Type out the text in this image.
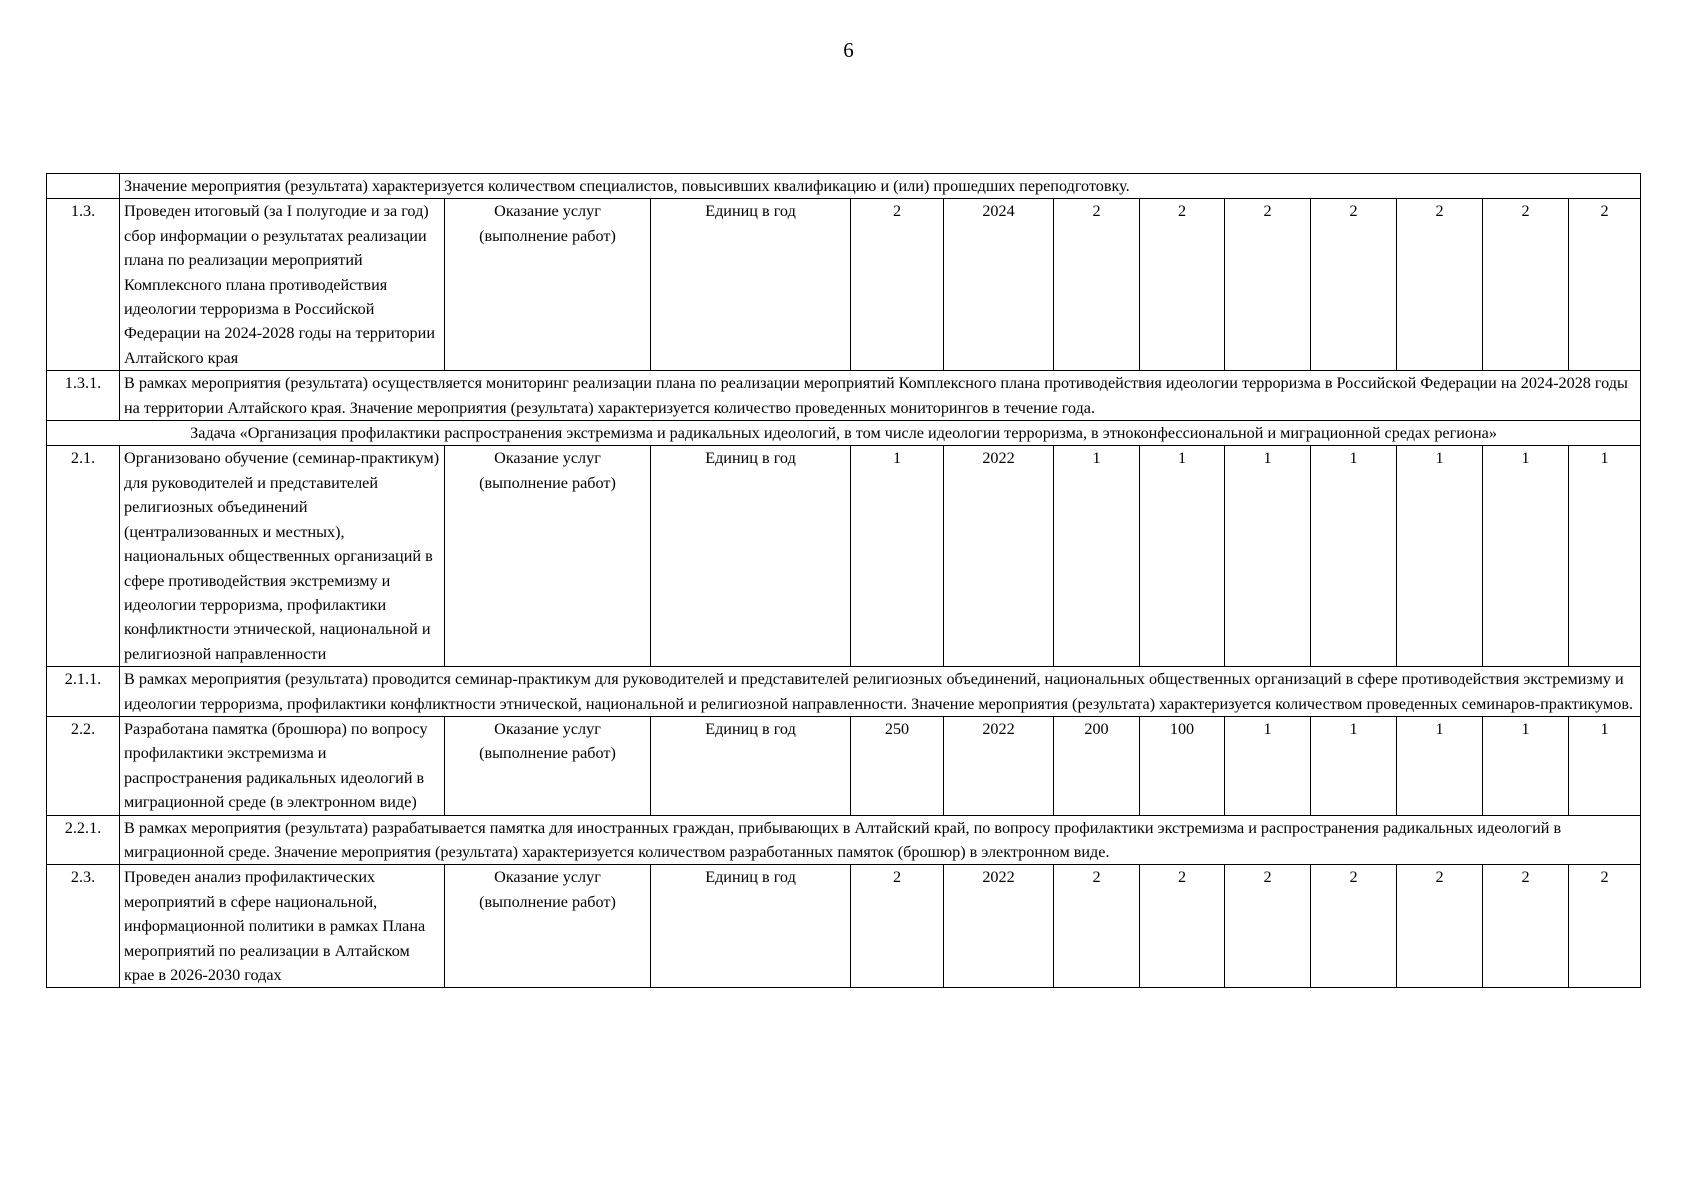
6
	Значение мероприятия (результата) характеризуется количеством специалистов, повысивших квалификацию и (или) прошедших переподготовку.											
1.3.	Проведен итоговый (за I полугодие и за год) сбор информации о результатах реализации плана по реализации мероприятий Комплексного плана противодействия идеологии терроризма в Российской Федерации на 2024-2028 годы на территории Алтайского края	Оказание услуг (выполнение работ)	Единиц в год	2	2024	2	2	2	2	2	2	2
1.3.1.	В рамках мероприятия (результата) осуществляется мониторинг реализации плана по реализации мероприятий Комплексного плана противодействия идеологии терроризма в Российской Федерации на 2024-2028 годы на территории Алтайского края. Значение мероприятия (результата) характеризуется количество проведенных мониторингов в течение года.											
Задача «Организация профилактики распространения экстремизма и радикальных идеологий, в том числе идеологии терроризма, в этноконфессиональной и миграционной средах региона»												
2.1.	Организовано обучение (семинар-практикум) для руководителей и представителей религиозных объединений (централизованных и местных), национальных общественных организаций в сфере противодействия экстремизму и идеологии терроризма, профилактики конфликтности этнической, национальной и религиозной направленности	Оказание услуг (выполнение работ)	Единиц в год	1	2022	1	1	1	1	1	1	1
2.1.1.	В рамках мероприятия (результата) проводится семинар-практикум для руководителей и представителей религиозных объединений, национальных общественных организаций в сфере противодействия экстремизму и идеологии терроризма, профилактики конфликтности этнической, национальной и религиозной направленности. Значение мероприятия (результата) характеризуется количеством проведенных семинаров-практикумов.											
2.2.	Разработана памятка (брошюра) по вопросу профилактики экстремизма и распространения радикальных идеологий в миграционной среде (в электронном виде)	Оказание услуг (выполнение работ)	Единиц в год	250	2022	200	100	1	1	1	1	1
2.2.1.	В рамках мероприятия (результата) разрабатывается памятка для иностранных граждан, прибывающих в Алтайский край, по вопросу профилактики экстремизма и распространения радикальных идеологий в миграционной среде. Значение мероприятия (результата) характеризуется количеством разработанных памяток (брошюр) в электронном виде.											
2.3.	Проведен анализ профилактических мероприятий в сфере национальной, информационной политики в рамках Плана мероприятий по реализации в Алтайском крае в 2026-2030 годах	Оказание услуг (выполнение работ)	Единиц в год	2	2022	2	2	2	2	2	2	2
